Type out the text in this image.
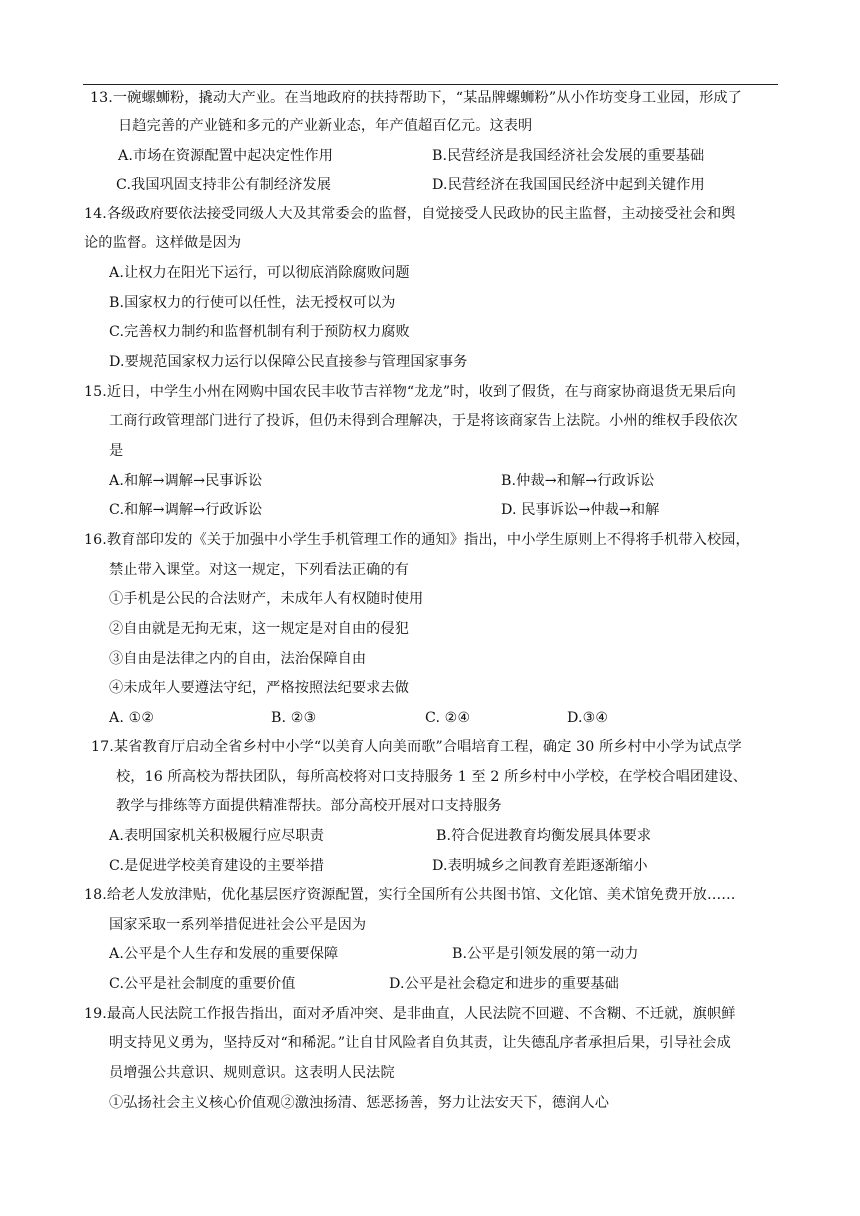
13.一碗螺蛳粉，撬动大产业。在当地政府的扶持帮助下，“某品牌螺蛳粉”从小作坊变身工业园，形成了
日趋完善的产业链和多元的产业新业态，年产值超百亿元。这表明
A.市场在资源配置中起决定性作用	B.民营经济是我国经济社会发展的重要基础
C.我国巩固支持非公有制经济发展	D.民营经济在我国国民经济中起到关键作用
14.各级政府要依法接受同级人大及其常委会的监督，自觉接受人民政协的民主监督，主动接受社会和舆
论的监督。这样做是因为
A.让权力在阳光下运行，可以彻底消除腐败问题
B.国家权力的行使可以任性，法无授权可以为
C.完善权力制约和监督机制有利于预防权力腐败
D.要规范国家权力运行以保障公民直接参与管理国家事务
15.近日，中学生小州在网购中国农民丰收节吉祥物“龙龙”时，收到了假货，在与商家协商退货无果后向
工商行政管理部门进行了投诉，但仍未得到合理解决，于是将该商家告上法院。小州的维权手段依次
是
A.和解→调解→民事诉讼	B.仲裁→和解→行政诉讼
C.和解→调解→行政诉讼	D. 民事诉讼→仲裁→和解
16.教育部印发的《关于加强中小学生手机管理工作的通知》指出，中小学生原则上不得将手机带入校园，
禁止带入课堂。对这一规定，下列看法正确的有
①手机是公民的合法财产，未成年人有权随时使用
②自由就是无拘无束，这一规定是对自由的侵犯
③自由是法律之内的自由，法治保障自由
④未成年人要遵法守纪，严格按照法纪要求去做
A. ①②	B. ②③	C. ②④	D.③④
17.某省教育厅启动全省乡村中小学“以美育人向美而歌”合唱培育工程，确定 30 所乡村中小学为试点学
校，16 所高校为帮扶团队，每所高校将对口支持服务 1 至 2 所乡村中小学校，在学校合唱团建设、
教学与排练等方面提供精准帮扶。部分高校开展对口支持服务
A.表明国家机关积极履行应尽职责	B.符合促进教育均衡发展具体要求
C.是促进学校美育建设的主要举措	D.表明城乡之间教育差距逐渐缩小
18.给老人发放津贴，优化基层医疗资源配置，实行全国所有公共图书馆、文化馆、美术馆免费开放……
国家采取一系列举措促进社会公平是因为
A.公平是个人生存和发展的重要保障	B.公平是引领发展的第一动力
C.公平是社会制度的重要价值	D.公平是社会稳定和进步的重要基础
19.最高人民法院工作报告指出，面对矛盾冲突、是非曲直，人民法院不回避、不含糊、不迁就，旗帜鲜
明支持见义勇为，坚持反对“和稀泥。”让自甘风险者自负其责，让失德乱序者承担后果，引导社会成
员增强公共意识、规则意识。这表明人民法院
①弘扬社会主义核心价值观②激浊扬清、惩恶扬善，努力让法安天下，德润人心
